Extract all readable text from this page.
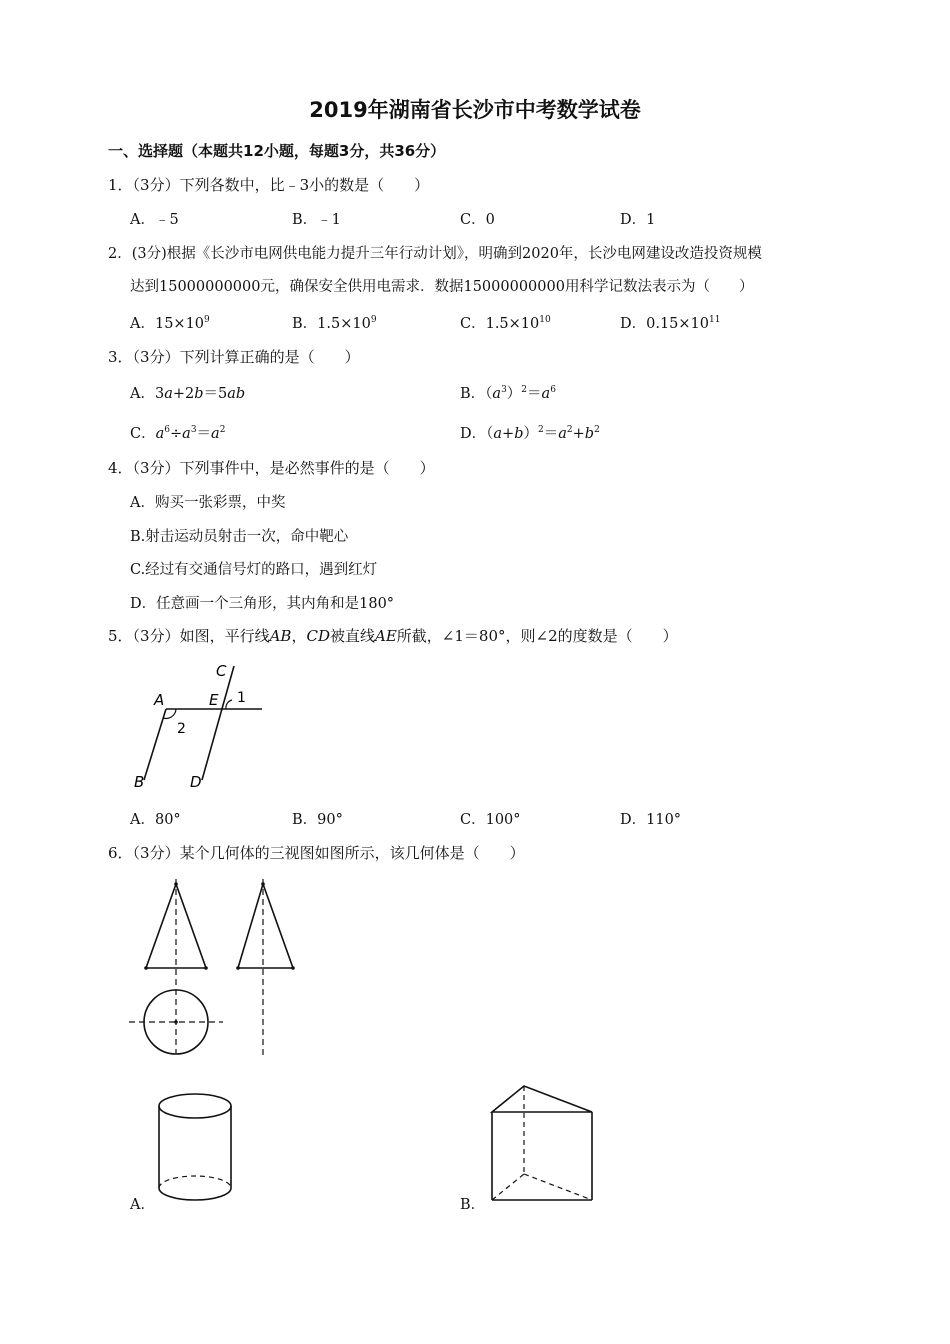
2019年湖南省长沙市中考数学试卷
一、选择题（本题共12小题，每题3分，共36分）
1．（3分）下列各数中，比﹣3小的数是（　　）
A．﹣5	B．﹣1	C．0	D．1
2．(3分)根据《长沙市电网供电能力提升三年行动计划》，明确到2020年，长沙电网建设改造投资规模
达到15000000000元，确保安全供用电需求．数据15000000000用科学记数法表示为（　　）
A．$15\times 10^9$	B．$1.5\times 10^9$	C．$1.5\times 10^{10}$	D．$0.15\times 10^{11}$
3．（3分）下列计算正确的是（　　）
A．3a+2b＝5ab	B．$(a^3)^2=a^6$
C．$a^6\div a^3=a^2$	D．$(a+b)^2=a^2+b^2$
4．（3分）下列事件中，是必然事件的是（　　）
A．购买一张彩票，中奖
B.射击运动员射击一次，命中靶心
C.经过有交通信号灯的路口，遇到红灯
D．任意画一个三角形，其内角和是180°
5．（3分）如图，平行线AB，CD被直线AE所截，∠1＝80°，则∠2的度数是（　　）
A	E
C
1
2
B	D
A．80°	B．90°	C．100°	D．110°
6．（3分）某个几何体的三视图如图所示，该几何体是（　　）
A．	B．
